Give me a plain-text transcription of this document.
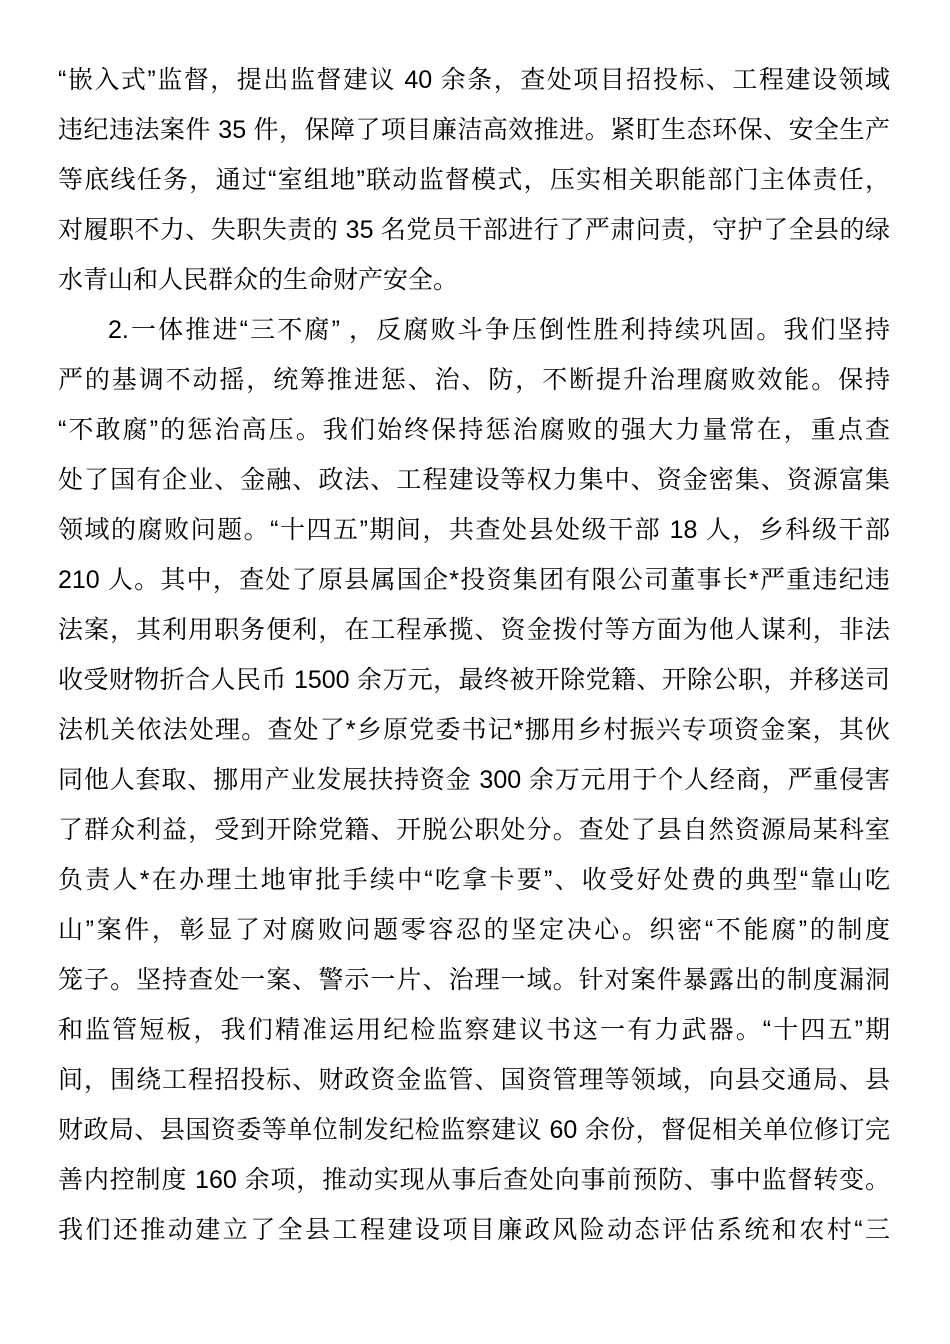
“嵌入式”监督，提出监督建议 40 余条，查处项目招投标、工程建设领域
违纪违法案件 35 件，保障了项目廉洁高效推进。紧盯生态环保、安全生产
等底线任务，通过“室组地”联动监督模式，压实相关职能部门主体责任，
对履职不力、失职失责的 35 名党员干部进行了严肃问责，守护了全县的绿
水青山和人民群众的生命财产安全。
2.一体推进“三不腐” ，反腐败斗争压倒性胜利持续巩固。我们坚持
严的基调不动摇，统筹推进惩、治、防，不断提升治理腐败效能。保持
“不敢腐”的惩治高压。我们始终保持惩治腐败的强大力量常在，重点查
处了国有企业、金融、政法、工程建设等权力集中、资金密集、资源富集
领域的腐败问题。“十四五”期间，共查处县处级干部 18 人，乡科级干部
210 人。其中，查处了原县属国企*投资集团有限公司董事长*严重违纪违
法案，其利用职务便利，在工程承揽、资金拨付等方面为他人谋利，非法
收受财物折合人民币 1500 余万元，最终被开除党籍、开除公职，并移送司
法机关依法处理。查处了*乡原党委书记*挪用乡村振兴专项资金案，其伙
同他人套取、挪用产业发展扶持资金 300 余万元用于个人经商，严重侵害
了群众利益，受到开除党籍、开脱公职处分。查处了县自然资源局某科室
负责人*在办理土地审批手续中“吃拿卡要”、收受好处费的典型“靠山吃
山”案件，彰显了对腐败问题零容忍的坚定决心。织密“不能腐”的制度
笼子。坚持查处一案、警示一片、治理一域。针对案件暴露出的制度漏洞
和监管短板，我们精准运用纪检监察建议书这一有力武器。“十四五”期
间，围绕工程招投标、财政资金监管、国资管理等领域，向县交通局、县
财政局、县国资委等单位制发纪检监察建议 60 余份，督促相关单位修订完
善内控制度 160 余项，推动实现从事后查处向事前预防、事中监督转变。
我们还推动建立了全县工程建设项目廉政风险动态评估系统和农村“三
